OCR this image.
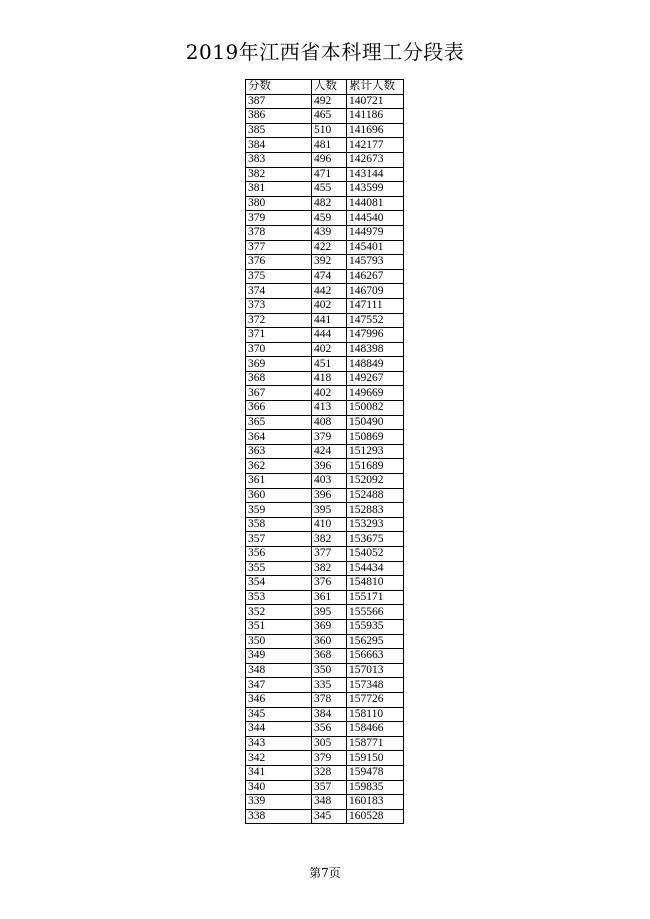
2019年江西省本科理工分段表
分数	人数	累计人数
387	492	140721
386	465	141186
385	510	141696
384	481	142177
383	496	142673
382	471	143144
381	455	143599
380	482	144081
379	459	144540
378	439	144979
377	422	145401
376	392	145793
375	474	146267
374	442	146709
373	402	147111
372	441	147552
371	444	147996
370	402	148398
369	451	148849
368	418	149267
367	402	149669
366	413	150082
365	408	150490
364	379	150869
363	424	151293
362	396	151689
361	403	152092
360	396	152488
359	395	152883
358	410	153293
357	382	153675
356	377	154052
355	382	154434
354	376	154810
353	361	155171
352	395	155566
351	369	155935
350	360	156295
349	368	156663
348	350	157013
347	335	157348
346	378	157726
345	384	158110
344	356	158466
343	305	158771
342	379	159150
341	328	159478
340	357	159835
339	348	160183
338	345	160528
第7页
